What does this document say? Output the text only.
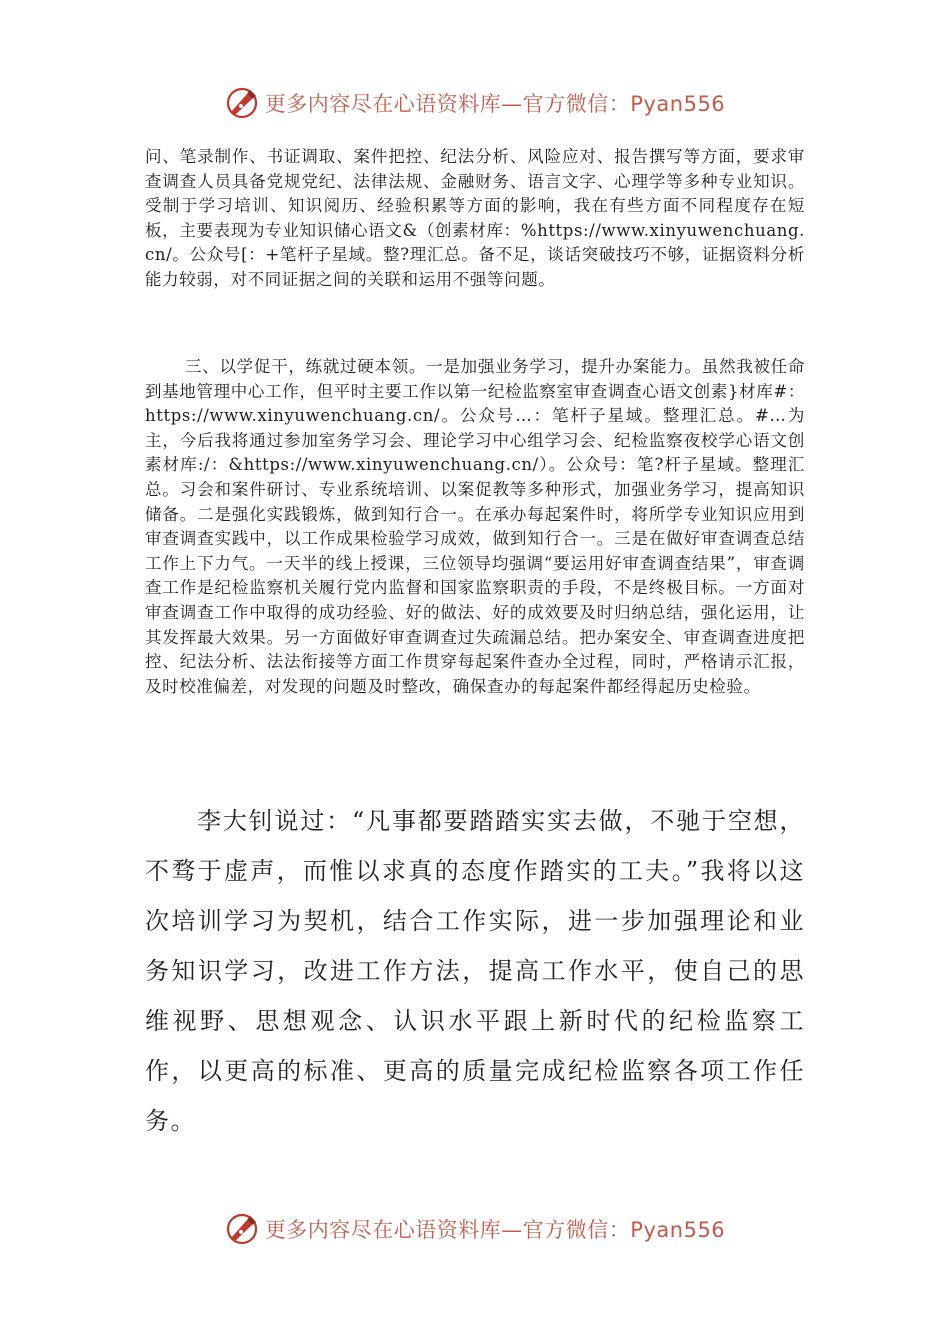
更多内容尽在心语资料库—官方微信：Pyan556

问、笔录制作、书证调取、案件把控、纪法分析、风险应对、报告撰写等方面，要求审查调查人员具备党规党纪、法律法规、金融财务、语言文字、心理学等多种专业知识。受制于学习培训、知识阅历、经验积累等方面的影响，我在有些方面不同程度存在短板，主要表现为专业知识储心语文&（创素材库：%https://www.xinyuwenchuang.cn/。公众号[：+笔杆子星域。整?理汇总。备不足，谈话突破技巧不够，证据资料分析能力较弱，对不同证据之间的关联和运用不强等问题。

三、以学促干，练就过硬本领。一是加强业务学习，提升办案能力。虽然我被任命到基地管理中心工作，但平时主要工作以第一纪检监察室审查调查心语文创素}材库#：https://www.xinyuwenchuang.cn/。公众号…：笔杆子星域。整理汇总。#…为主，今后我将通过参加室务学习会、理论学习中心组学习会、纪检监察夜校学心语文创素材库:/：&https://www.xinyuwenchuang.cn/）。公众号：笔?杆子星域。整理汇总。习会和案件研讨、专业系统培训、以案促教等多种形式，加强业务学习，提高知识储备。二是强化实践锻炼，做到知行合一。在承办每起案件时，将所学专业知识应用到审查调查实践中，以工作成果检验学习成效，做到知行合一。三是在做好审查调查总结工作上下力气。一天半的线上授课，三位领导均强调“要运用好审查调查结果”，审查调查工作是纪检监察机关履行党内监督和国家监察职责的手段，不是终极目标。一方面对审查调查工作中取得的成功经验、好的做法、好的成效要及时归纳总结，强化运用，让其发挥最大效果。另一方面做好审查调查过失疏漏总结。把办案安全、审查调查进度把控、纪法分析、法法衔接等方面工作贯穿每起案件查办全过程，同时，严格请示汇报，及时校准偏差，对发现的问题及时整改，确保查办的每起案件都经得起历史检验。

李大钊说过：“凡事都要踏踏实实去做，不驰于空想，不骛于虚声，而惟以求真的态度作踏实的工夫。”我将以这次培训学习为契机，结合工作实际，进一步加强理论和业务知识学习，改进工作方法，提高工作水平，使自己的思维视野、思想观念、认识水平跟上新时代的纪检监察工作，以更高的标准、更高的质量完成纪检监察各项工作任务。

更多内容尽在心语资料库—官方微信：Pyan556
